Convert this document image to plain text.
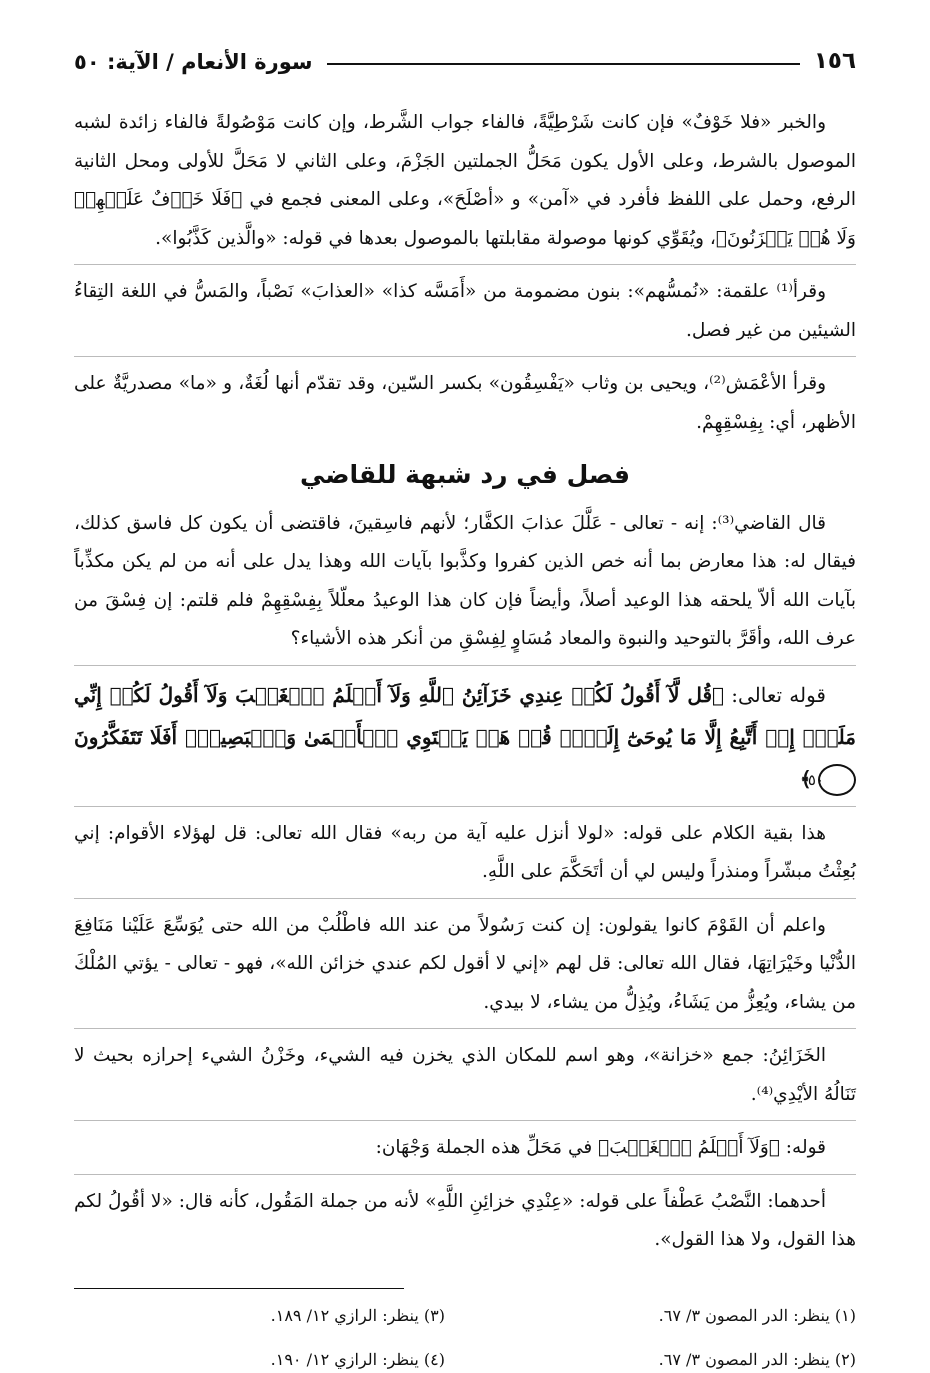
١٥٦
سورة الأنعام / الآية: ٥٠

والخبر «فلا خَوْفٌ» فإن كانت شَرْطِيَّةً، فالفاء جواب الشَّرط، وإن كانت مَوْصُولةً فالفاء زائدة لشبه الموصول بالشرط، وعلى الأول يكون مَحَلُّ الجملتين الجَزْمَ، وعلى الثاني لا مَحَلَّ للأولى ومحل الثانية الرفع، وحمل على اللفظ فأفرد في «آمن» و «أصْلَحَ»، وعلى المعنى فجمع في ﴿فَلَا خَوۡفٌ عَلَيۡهِمۡ وَلَا هُمۡ يَحۡزَنُونَ﴾، ويُقَوِّي كونها موصولة مقابلتها بالموصول بعدها في قوله: «والَّذين كَذَّبُوا».

وقرأ⁽¹⁾ علقمة: «نُمسُّهم»: بنون مضمومة من «أَمَسَّه كذا» «العذابَ» نَصْباً، والمَسُّ في اللغة التِقاءُ الشيئين من غير فصل.

وقرأ الأعْمَش⁽²⁾، ويحيى بن وثاب «يَفْسِقُون» بكسر السّين، وقد تقدّم أنها لُغَةٌ، و «ما» مصدريَّةٌ على الأظهر، أي: بِفِسْقِهِمْ.

فصل في رد شبهة للقاضي

قال القاضي⁽³⁾: إنه - تعالى - عَلَّلَ عذابَ الكفَّار؛ لأنهم فاسِقينَ، فاقتضى أن يكون كل فاسق كذلك، فيقال له: هذا معارض بما أنه خص الذين كفروا وكذَّبوا بآيات الله وهذا يدل على أنه من لم يكن مكذِّباً بآيات الله ألاّ يلحقه هذا الوعيد أصلاً، وأيضاً فإن كان هذا الوعيدُ معلّلاً بِفِسْقِهِمْ فلم قلتم: إن فِسْقَ من عرف الله، وأقَرَّ بالتوحيد والنبوة والمعاد مُسَاوٍ لِفِسْقِ من أنكر هذه الأشياء؟

قوله تعالى: ﴿قُل لَّآ أَقُولُ لَكُمۡ عِندِي خَزَآئِنُ ٱللَّهِ وَلَآ أَعۡلَمُ ٱلۡغَيۡبَ وَلَآ أَقُولُ لَكُمۡ إِنِّي مَلَكٌۖ إِنۡ أَتَّبِعُ إِلَّا مَا يُوحَىٰٓ إِلَيَّۚ قُلۡ هَلۡ يَسۡتَوِي ٱلۡأَعۡمَىٰ وَٱلۡبَصِيرُۚ أَفَلَا تَتَفَكَّرُونَ ٥٠ ﴾

هذا بقية الكلام على قوله: «لولا أنزل عليه آية من ربه» فقال الله تعالى: قل لهؤلاء الأقوام: إني بُعِثْتُ مبشّراً ومنذراً وليس لي أن أتَحَكَّمَ على اللَّهِ.

واعلم أن القَوْمَ كانوا يقولون: إن كنت رَسُولاً من عند الله فاطْلُبْ من الله حتى يُوَسِّعَ عَلَيْنا مَنَافِعَ الدُّنْيا وخَيْرَاتِهَا، فقال الله تعالى: قل لهم «إني لا أقول لكم عندي خزائن الله»، فهو - تعالى - يؤتي المُلْكَ من يشاء، ويُعِزُّ من يَشَاءُ، ويُذِلُّ من يشاء، لا بيدي.

الخَزَائِنُ: جمع «خزانة»، وهو اسم للمكان الذي يخزن فيه الشيء، وخَزْنُ الشيء إحرازه بحيث لا تَنَالُهُ الأيْدِي⁽⁴⁾.

قوله: ﴿وَلَآ أَعۡلَمُ ٱلۡغَيۡبَ﴾ في مَحَلِّ هذه الجملة وَجْهَان:

أحدهما: النَّصْبُ عَطْفاً على قوله: «عِنْدِي خزائِنِ اللَّهِ» لأنه من جملة المَقُول، كأنه قال: «لا أقُولُ لكم هذا القول، ولا هذا القول».

(١) ينظر: الدر المصون ٣/ ٦٧.
(٣) ينظر: الرازي ١٢/ ١٨٩.
(٢) ينظر: الدر المصون ٣/ ٦٧.
(٤) ينظر: الرازي ١٢/ ١٩٠.
